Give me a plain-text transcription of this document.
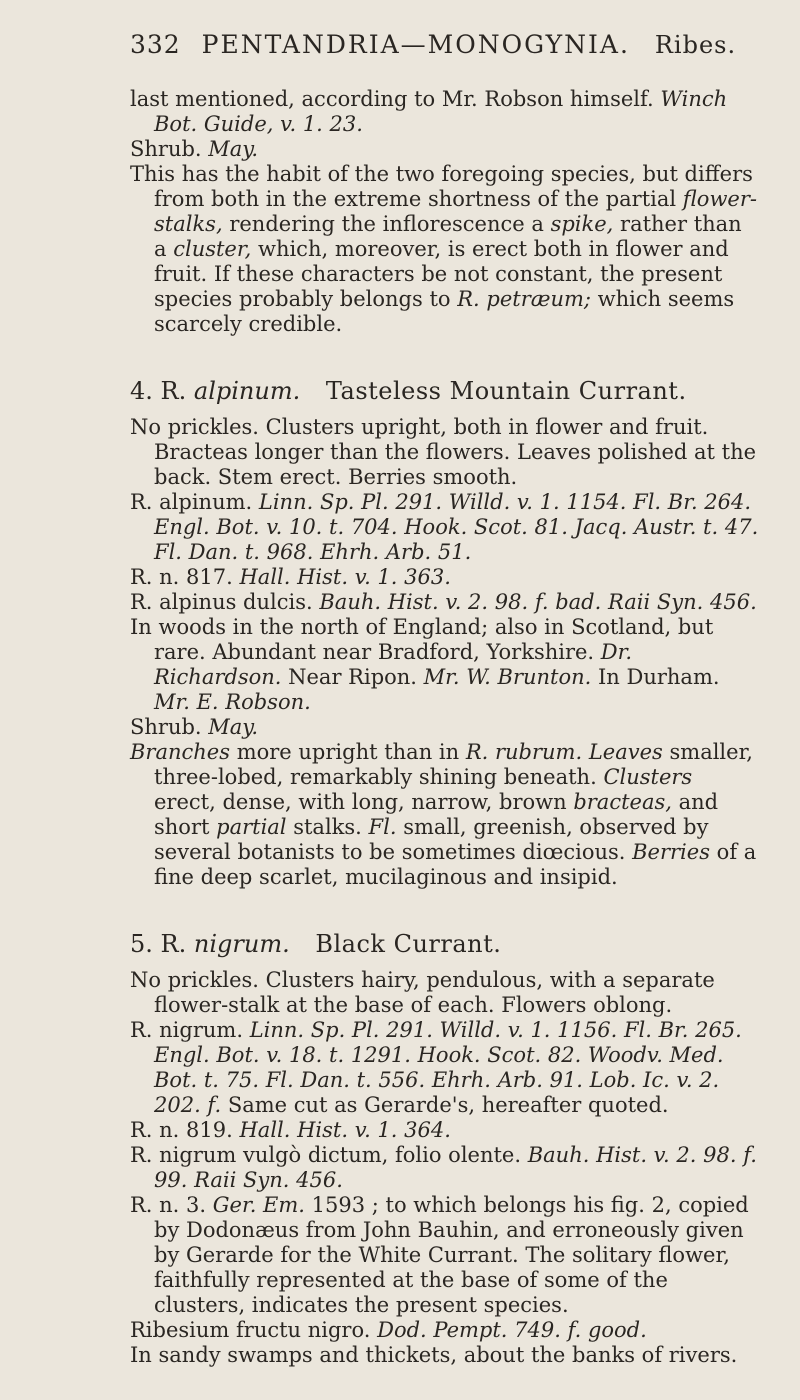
332 PENTANDRIA—MONOGYNIA. Ribes.

last mentioned, according to Mr. Robson himself. Winch Bot. Guide, v. 1. 23.

Shrub. May.

This has the habit of the two foregoing species, but differs from both in the extreme shortness of the partial flower-stalks, rendering the inflorescence a spike, rather than a cluster, which, moreover, is erect both in flower and fruit. If these characters be not constant, the present species probably belongs to R. petræum; which seems scarcely credible.

4. R. alpinum. Tasteless Mountain Currant.

No prickles. Clusters upright, both in flower and fruit. Bracteas longer than the flowers. Leaves polished at the back. Stem erect. Berries smooth.

R. alpinum. Linn. Sp. Pl. 291. Willd. v. 1. 1154. Fl. Br. 264. Engl. Bot. v. 10. t. 704. Hook. Scot. 81. Jacq. Austr. t. 47. Fl. Dan. t. 968. Ehrh. Arb. 51.

R. n. 817. Hall. Hist. v. 1. 363.

R. alpinus dulcis. Bauh. Hist. v. 2. 98. f. bad. Raii Syn. 456.

In woods in the north of England; also in Scotland, but rare. Abundant near Bradford, Yorkshire. Dr. Richardson. Near Ripon. Mr. W. Brunton. In Durham. Mr. E. Robson.

Shrub. May.

Branches more upright than in R. rubrum. Leaves smaller, three-lobed, remarkably shining beneath. Clusters erect, dense, with long, narrow, brown bracteas, and short partial stalks. Fl. small, greenish, observed by several botanists to be sometimes diœcious. Berries of a fine deep scarlet, mucilaginous and insipid.

5. R. nigrum. Black Currant.

No prickles. Clusters hairy, pendulous, with a separate flower-stalk at the base of each. Flowers oblong.

R. nigrum. Linn. Sp. Pl. 291. Willd. v. 1. 1156. Fl. Br. 265. Engl. Bot. v. 18. t. 1291. Hook. Scot. 82. Woodv. Med. Bot. t. 75. Fl. Dan. t. 556. Ehrh. Arb. 91. Lob. Ic. v. 2. 202. f. Same cut as Gerarde's, hereafter quoted.

R. n. 819. Hall. Hist. v. 1. 364.

R. nigrum vulgò dictum, folio olente. Bauh. Hist. v. 2. 98. f. 99. Raii Syn. 456.

R. n. 3. Ger. Em. 1593 ; to which belongs his fig. 2, copied by Dodonæus from John Bauhin, and erroneously given by Gerarde for the White Currant. The solitary flower, faithfully represented at the base of some of the clusters, indicates the present species.

Ribesium fructu nigro. Dod. Pempt. 749. f. good.

In sandy swamps and thickets, about the banks of rivers.
